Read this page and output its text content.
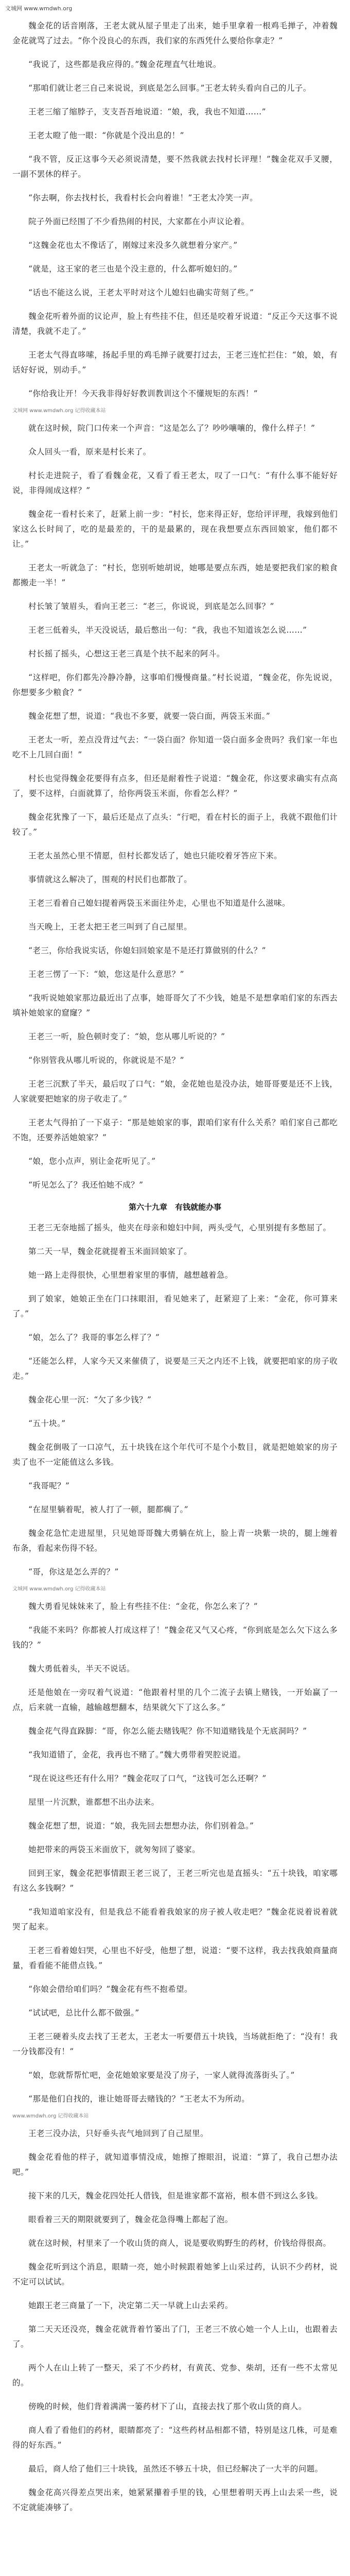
文城网 www.wmdwh.org

魏金花的话音刚落，王老太就从屋子里走了出来，她手里拿着一根鸡毛掸子，冲着魏金花就骂了过去。“你个没良心的东西，我们家的东西凭什么要给你拿走？”

“我说了，这些都是我应得的。”魏金花理直气壮地说。

“那咱们就让老三自己来说说，到底是怎么回事。”王老太转头看向自己的儿子。

王老三缩了缩脖子，支支吾吾地说道：“娘，我，我也不知道……”

王老太瞪了他一眼：“你就是个没出息的！”

“我不管，反正这事今天必须说清楚，要不然我就去找村长评理！”魏金花双手叉腰，一副不罢休的样子。

“你去啊，你去找村长，我看村长会向着谁！”王老太冷笑一声。

院子外面已经围了不少看热闹的村民，大家都在小声议论着。

“这魏金花也太不像话了，刚嫁过来没多久就想着分家产。”

“就是，这王家的老三也是个没主意的，什么都听媳妇的。”

“话也不能这么说，王老太平时对这个儿媳妇也确实苛刻了些。”

魏金花听着外面的议论声，脸上有些挂不住，但还是咬着牙说道：“反正今天这事不说清楚，我就不走了。”

王老太气得直哆嗦，扬起手里的鸡毛掸子就要打过去，王老三连忙拦住：“娘，娘，有话好好说，别动手。”

“你给我让开！今天我非得好好教训教训这个不懂规矩的东西！”

文城网 www.wmdwh.org 记得收藏本站

就在这时候，院门口传来一个声音：“这是怎么了？吵吵嚷嚷的，像什么样子！”

众人回头一看，原来是村长来了。

村长走进院子，看了看魏金花，又看了看王老太，叹了一口气：“有什么事不能好好说，非得闹成这样？”

魏金花一看村长来了，赶紧上前一步：“村长，您来得正好，您给评评理，我嫁到他们家这么长时间了，吃的是最差的，干的是最累的，现在我想要点东西回娘家，他们都不让。”

王老太一听就急了：“村长，您别听她胡说，她哪是要点东西，她是要把我们家的粮食都搬走一半！”

村长皱了皱眉头，看向王老三：“老三，你说说，到底是怎么回事？”

王老三低着头，半天没说话，最后憋出一句：“我，我也不知道该怎么说……”

村长摇了摇头，心想这王老三真是个扶不起来的阿斗。

“这样吧，你们都先冷静冷静，这事咱们慢慢商量。”村长说道，“魏金花，你先说说，你想要多少粮食？”

魏金花想了想，说道：“我也不多要，就要一袋白面，两袋玉米面。”

王老太一听，差点没背过气去：“一袋白面？你知道一袋白面多金贵吗？我们家一年也吃不上几回白面！”

村长也觉得魏金花要得有点多，但还是耐着性子说道：“魏金花，你这要求确实有点高了，要不这样，白面就算了，给你两袋玉米面，你看怎么样？”

魏金花犹豫了一下，最后还是点了点头：“行吧，看在村长的面子上，我就不跟他们计较了。”

王老太虽然心里不情愿，但村长都发话了，她也只能咬着牙答应下来。

事情就这么解决了，围观的村民们也都散了。

王老三看着自己媳妇提着两袋玉米面往外走，心里也不知道是什么滋味。

当天晚上，王老太把王老三叫到了自己屋里。

“老三，你给我说实话，你媳妇回娘家是不是还打算做别的什么？”

王老三愣了一下：“娘，您这是什么意思？”

“我听说她娘家那边最近出了点事，她哥哥欠了不少钱，她是不是想拿咱们家的东西去填补她娘家的窟窿？”

王老三一听，脸色顿时变了：“娘，您从哪儿听说的？”

“你别管我从哪儿听说的，你就说是不是？”

王老三沉默了半天，最后叹了口气：“娘，金花她也是没办法，她哥哥要是还不上钱，人家就要把她家的房子收走了。”

王老太气得拍了一下桌子：“那是她娘家的事，跟咱们家有什么关系？咱们家自己都吃不饱，还要养活她娘家？”

“娘，您小点声，别让金花听见了。”

“听见怎么了？我还怕她不成？”

第六十九章　有钱就能办事

王老三无奈地摇了摇头，他夹在母亲和媳妇中间，两头受气，心里别提有多憋屈了。

第二天一早，魏金花就提着玉米面回娘家了。

她一路上走得很快，心里想着家里的事情，越想越着急。

到了娘家，她娘正坐在门口抹眼泪，看见她来了，赶紧迎了上来：“金花，你可算来了。”

“娘，怎么了？我哥的事怎么样了？”

“还能怎么样，人家今天又来催债了，说要是三天之内还不上钱，就要把咱家的房子收走。”

魏金花心里一沉：“欠了多少钱？”

“五十块。”

魏金花倒吸了一口凉气，五十块钱在这个年代可不是个小数目，就是把她娘家的房子卖了也不一定能值这么多钱。

“我哥呢？”

“在屋里躺着呢，被人打了一顿，腿都瘸了。”

魏金花急忙走进屋里，只见她哥哥魏大勇躺在炕上，脸上青一块紫一块的，腿上缠着布条，看起来伤得不轻。

“哥，你这是怎么弄的？”

文城网 www.wmdwh.org 记得收藏本站

魏大勇看见妹妹来了，脸上有些挂不住：“金花，你怎么来了？”

“我能不来吗？你都被人打成这样了！”魏金花又气又心疼，“你到底是怎么欠下这么多钱的？”

魏大勇低着头，半天不说话。

还是他娘在一旁叹着气说道：“他跟着村里的几个二流子去镇上赌钱，一开始赢了一点，后来就一直输，越输越想翻本，结果就欠下了这么多。”

魏金花气得直跺脚：“哥，你怎么能去赌钱呢？你不知道赌钱是个无底洞吗？”

“我知道错了，金花，我再也不赌了。”魏大勇带着哭腔说道。

“现在说这些还有什么用？”魏金花叹了口气，“这钱可怎么还啊？”

屋里一片沉默，谁都想不出办法来。

魏金花想了想，说道：“娘，我先回去想想办法，你们别着急。”

她把带来的两袋玉米面放下，就匆匆回了婆家。

回到王家，魏金花把事情跟王老三说了，王老三听完也是直摇头：“五十块钱，咱家哪有这么多钱啊？”

“我知道咱家没有，但是我总不能看着我娘家的房子被人收走吧？”魏金花说着说着就哭了起来。

王老三看着媳妇哭，心里也不好受，他想了想，说道：“要不这样，我去找我娘商量商量，看看能不能借点钱。”

“你娘会借给咱们吗？”魏金花有些不抱希望。

“试试吧，总比什么都不做强。”

王老三硬着头皮去找了王老太，王老太一听要借五十块钱，当场就拒绝了：“没有！我一分钱都没有！”

“娘，您就帮帮忙吧，金花她娘家要是没了房子，一家人就得流落街头了。”

“那是他们自找的，谁让她哥哥去赌钱的？”王老太不为所动。

www.wmdwh.org 记得收藏本站

王老三没办法，只好垂头丧气地回到了自己屋里。

魏金花看他的样子，就知道事情没成，她擦了擦眼泪，说道：“算了，我自己想办法吧。”

接下来的几天，魏金花四处托人借钱，但是谁家都不富裕，根本借不到这么多钱。

眼看着三天的期限就要到了，魏金花急得嘴上都起了泡。

就在这时候，村里来了一个收山货的商人，说是要收购野生的药材，价钱给得很高。

魏金花听到这个消息，眼睛一亮，她小时候跟着她爹上山采过药，认识不少药材，说不定可以试试。

她跟王老三商量了一下，决定第二天一早就上山去采药。

第二天天还没亮，魏金花就背着竹篓出了门，王老三不放心她一个人上山，也跟着去了。

两个人在山上转了一整天，采了不少药材，有黄芪、党参、柴胡，还有一些不太常见的。

傍晚的时候，他们背着满满一篓药材下了山，直接去找了那个收山货的商人。

商人看了看他们的药材，眼睛都亮了：“这些药材品相都不错，特别是这几株，可是难得的好东西。”

最后，商人给了他们三十块钱，虽然还不够五十块，但已经解决了一大半的问题。

魏金花高兴得差点哭出来，她紧紧攥着手里的钱，心里想着明天再上山去采一些，说不定就能凑够了。
